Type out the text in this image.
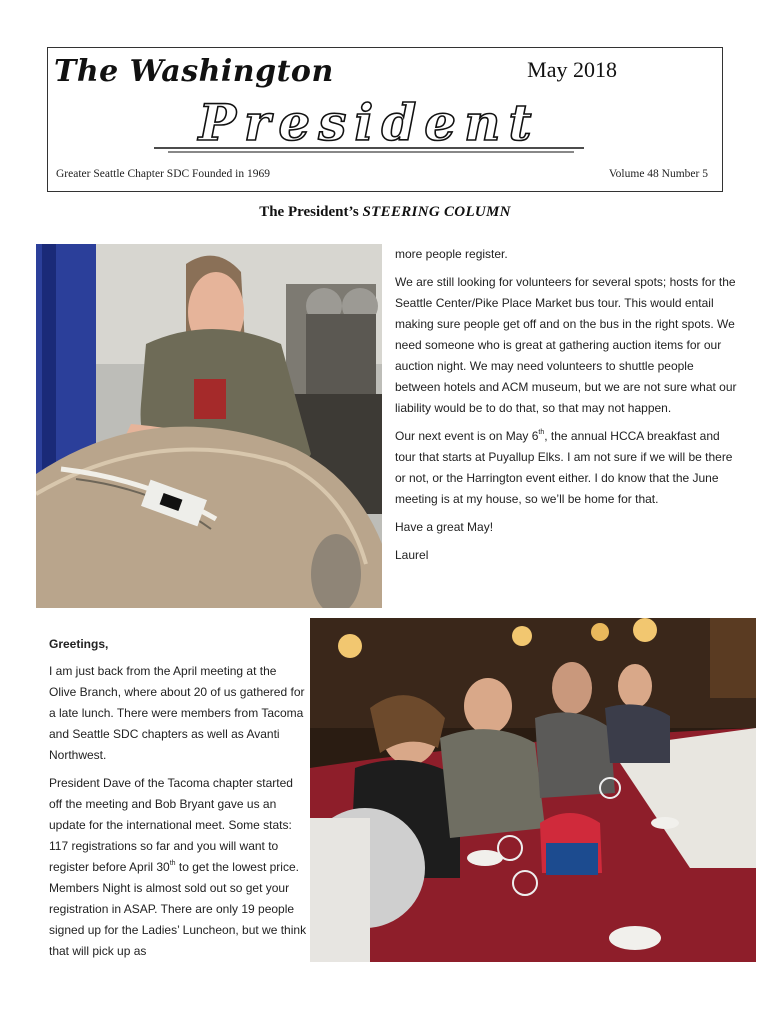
The Washington	May 2018
President
Greater Seattle Chapter SDC Founded in 1969	Volume 48 Number 5
The President’s STEERING COLUMN

more people register.

We are still looking for volunteers for several spots; hosts for the Seattle Center/Pike Place Market bus tour. This would entail making sure people get off and on the bus in the right spots. We need someone who is great at gathering auction items for our auction night. We may need volunteers to shuttle people between hotels and ACM museum, but we are not sure what our liability would be to do that, so that may not happen.

Our next event is on May 6th, the annual HCCA breakfast and tour that starts at Puyallup Elks. I am not sure if we will be there or not, or the Harrington event either. I do know that the June meeting is at my house, so we’ll be home for that.

Have a great May!

Laurel

Greetings,

I am just back from the April meeting at the Olive Branch, where about 20 of us gathered for a late lunch. There were members from Tacoma and Seattle SDC chapters as well as Avanti Northwest.

President Dave of the Tacoma chapter started off the meeting and Bob Bryant gave us an update for the international meet. Some stats: 117 registrations so far and you will want to register before April 30th to get the lowest price. Members Night is almost sold out so get your registration in ASAP. There are only 19 people signed up for the Ladies’ Luncheon, but we think that will pick up as
